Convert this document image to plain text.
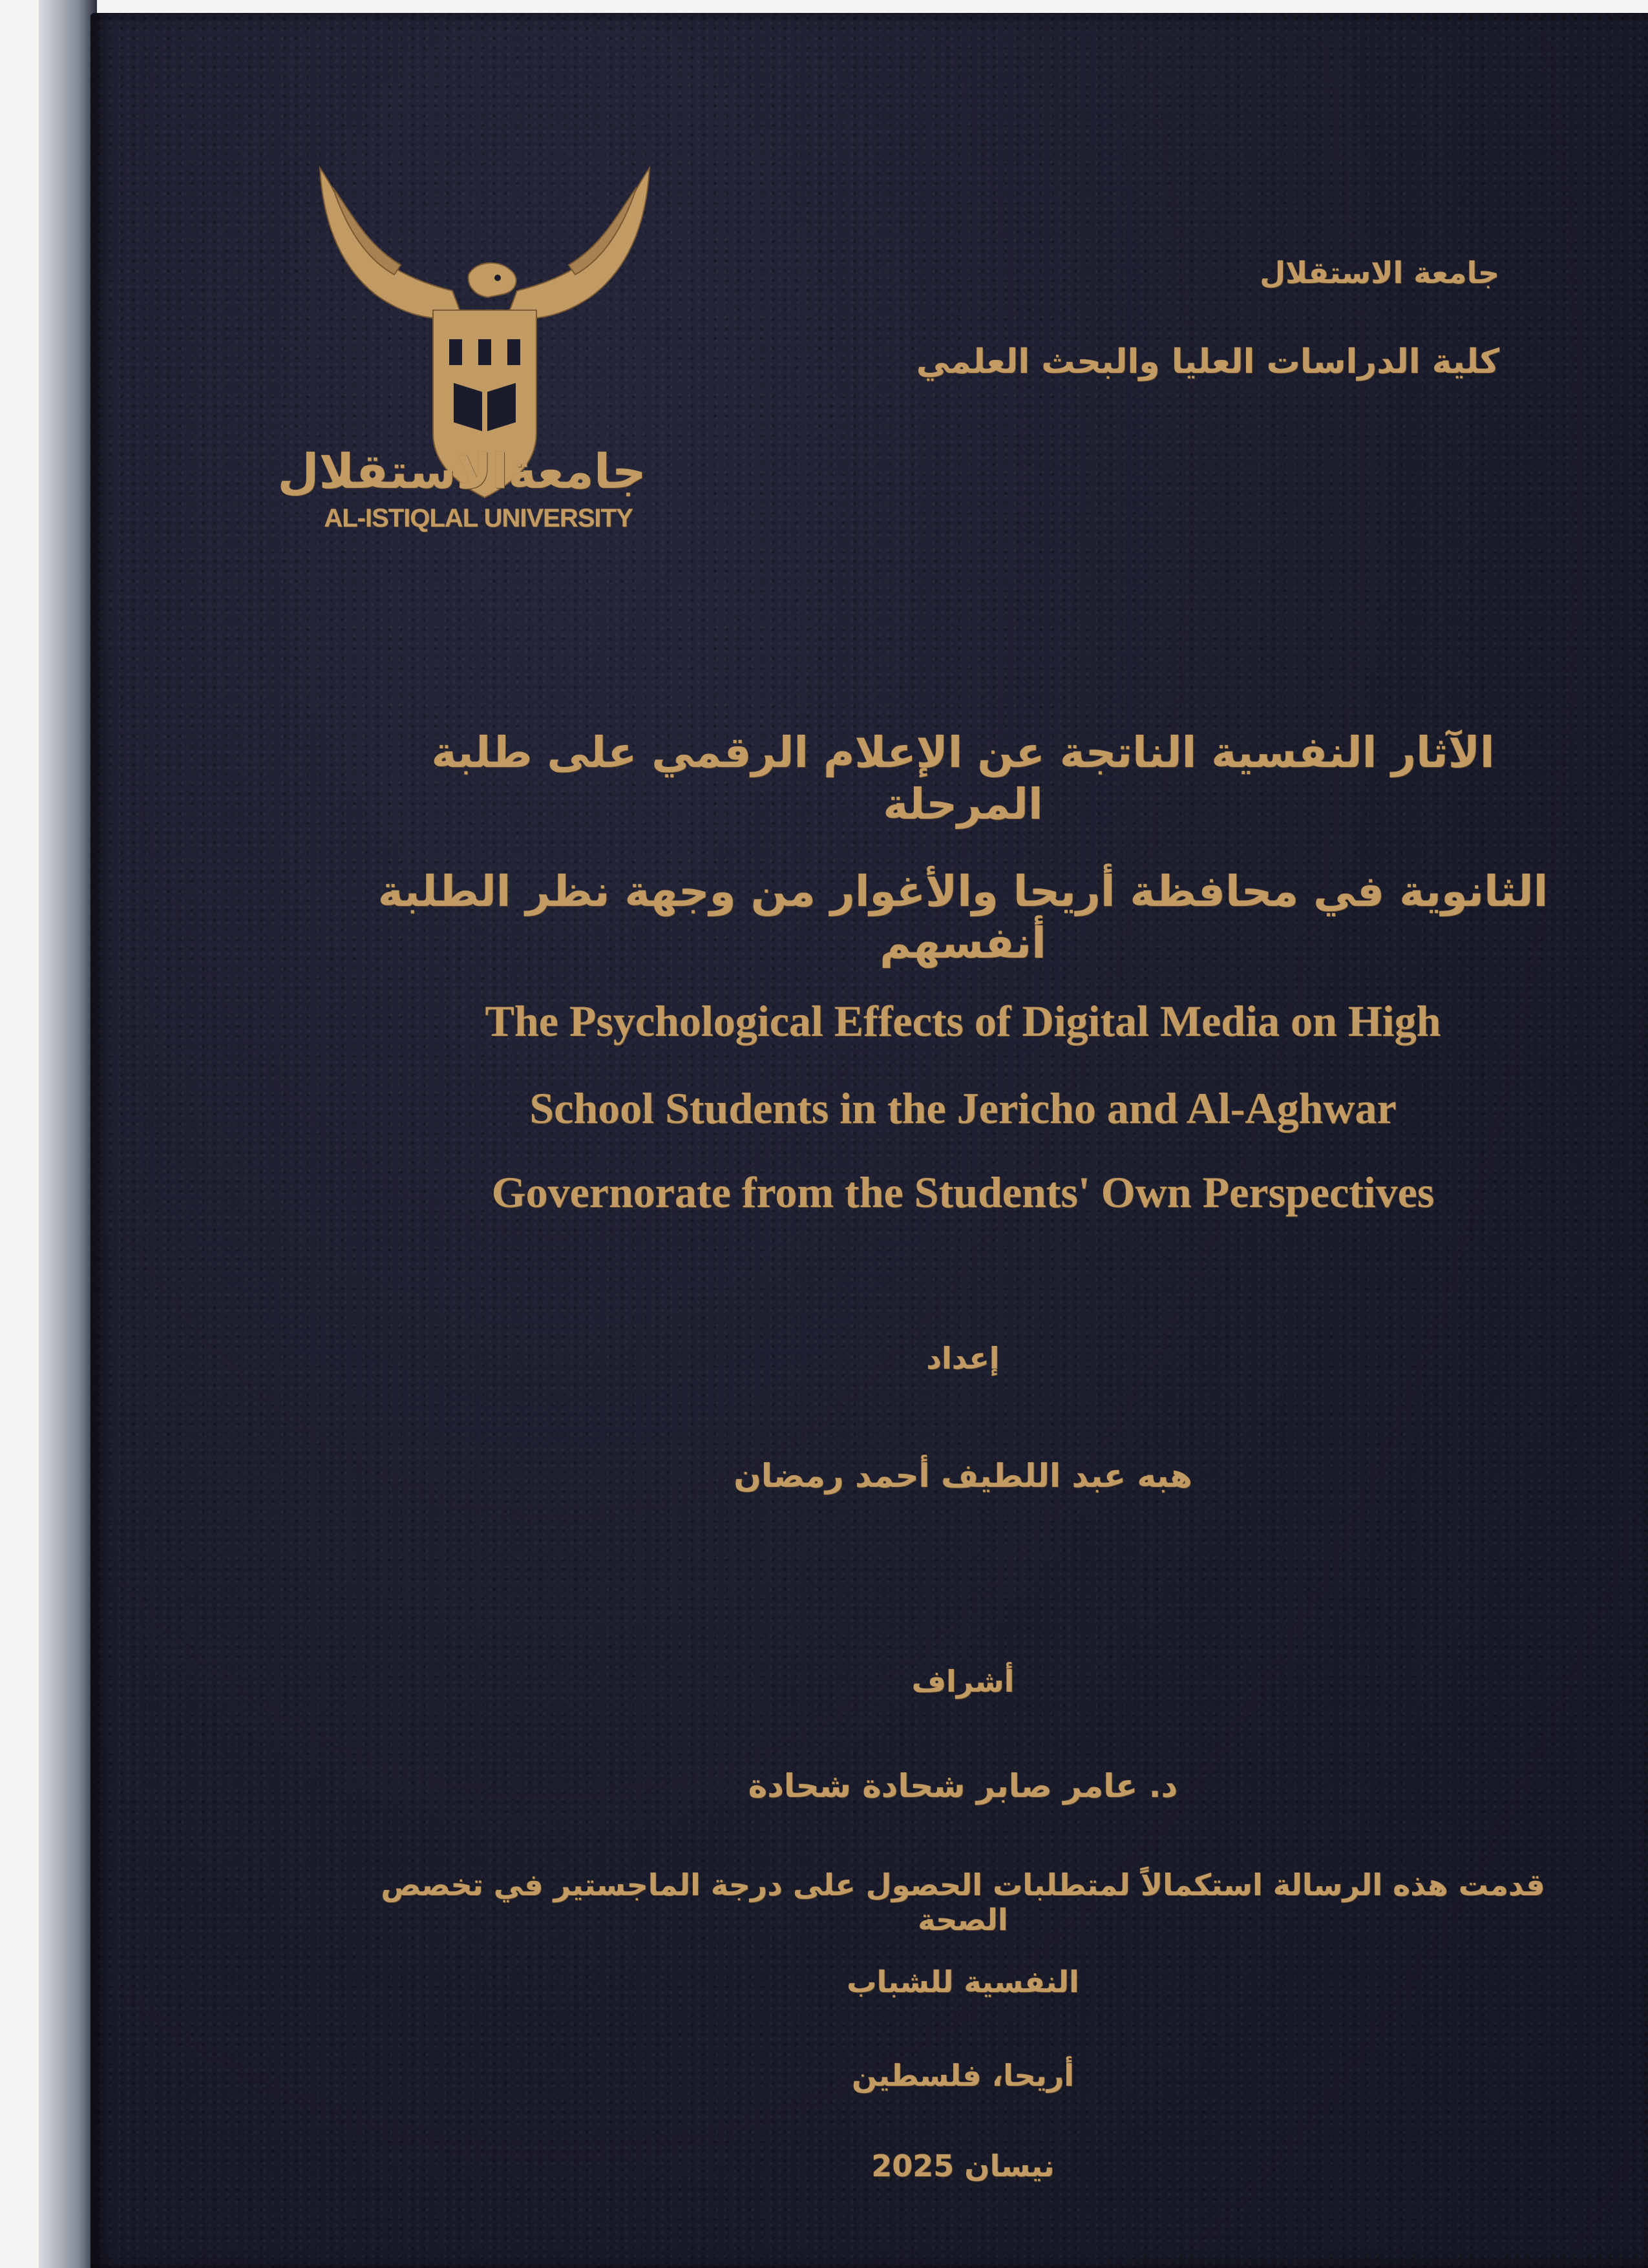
جامعةالاستقلال
AL-ISTIQLAL UNIVERSITY
جامعة الاستقلال
كلية الدراسات العليا والبحث العلمي
الآثار النفسية الناتجة عن الإعلام الرقمي على طلبة المرحلة
الثانوية في محافظة أريحا والأغوار من وجهة نظر الطلبة أنفسهم
The Psychological Effects of Digital Media on High
School Students in the Jericho and Al-Aghwar
Governorate from the Students' Own Perspectives
إعداد
هبه عبد اللطيف أحمد رمضان
أشراف
د. عامر صابر شحادة شحادة
قدمت هذه الرسالة استكمالاً لمتطلبات الحصول على درجة الماجستير في تخصص الصحة
النفسية للشباب
أريحا، فلسطين
نيسان 2025
